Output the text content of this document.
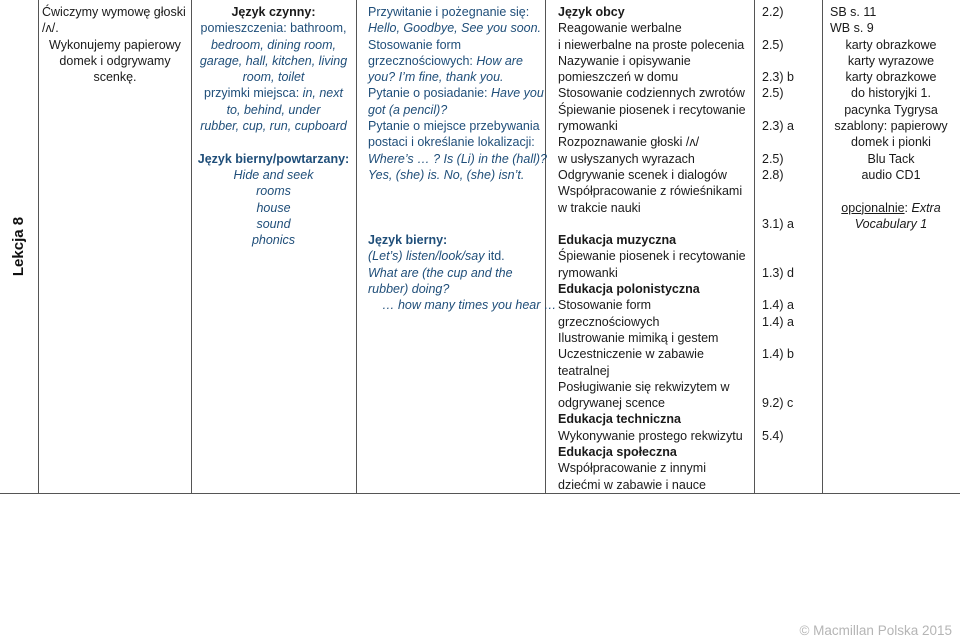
Lekcja 8
Ćwiczymy wymowę głoski
/ʌ/.
Wykonujemy papierowy
domek i odgrywamy
scenkę.
Język czynny:
pomieszczenia: bathroom,
bedroom, dining room,
garage, hall, kitchen, living
room, toilet
przyimki miejsca: in, next
to, behind, under
rubber, cup, run, cupboard
Język bierny/powtarzany:
Hide and seek
rooms
house
sound
phonics
Przywitanie i pożegnanie się:
Hello, Goodbye, See you soon.
Stosowanie form
grzecznościowych: How are
you? I’m fine, thank you.
Pytanie o posiadanie: Have you
got (a pencil)?
Pytanie o miejsce przebywania
postaci i określanie lokalizacji:
Where’s … ? Is (Li) in the (hall)?
Yes, (she) is. No, (she) isn’t.
Język bierny:
(Let’s) listen/look/say itd.
What are (the cup and the
rubber) doing?
… how many times you hear …
Język obcy
Reagowanie werbalne
i niewerbalne na proste polecenia
Nazywanie i opisywanie
pomieszczeń w domu
Stosowanie codziennych zwrotów
Śpiewanie piosenek i recytowanie
rymowanki
Rozpoznawanie głoski /ʌ/
w usłyszanych wyrazach
Odgrywanie scenek i dialogów
Współpracowanie z rówieśnikami
w trakcie nauki
Edukacja muzyczna
Śpiewanie piosenek i recytowanie
rymowanki
Edukacja polonistyczna
Stosowanie form
grzecznościowych
Ilustrowanie mimiką i gestem
Uczestniczenie w zabawie
teatralnej
Posługiwanie się rekwizytem w
odgrywanej scence
Edukacja techniczna
Wykonywanie prostego rekwizytu
Edukacja społeczna
Współpracowanie z innymi
dziećmi w zabawie i nauce
2.2)
2.5)
2.3) b
2.5)
2.3) a
2.5)
2.8)
3.1) a
1.3) d
1.4) a
1.4) a
1.4) b
9.2) c
5.4)
SB s. 11
WB s. 9
karty obrazkowe
karty wyrazowe
karty obrazkowe
do historyjki 1.
pacynka Tygrysa
szablony: papierowy
domek i pionki
Blu Tack
audio CD1
opcjonalnie: Extra
Vocabulary 1
© Macmillan Polska 2015
